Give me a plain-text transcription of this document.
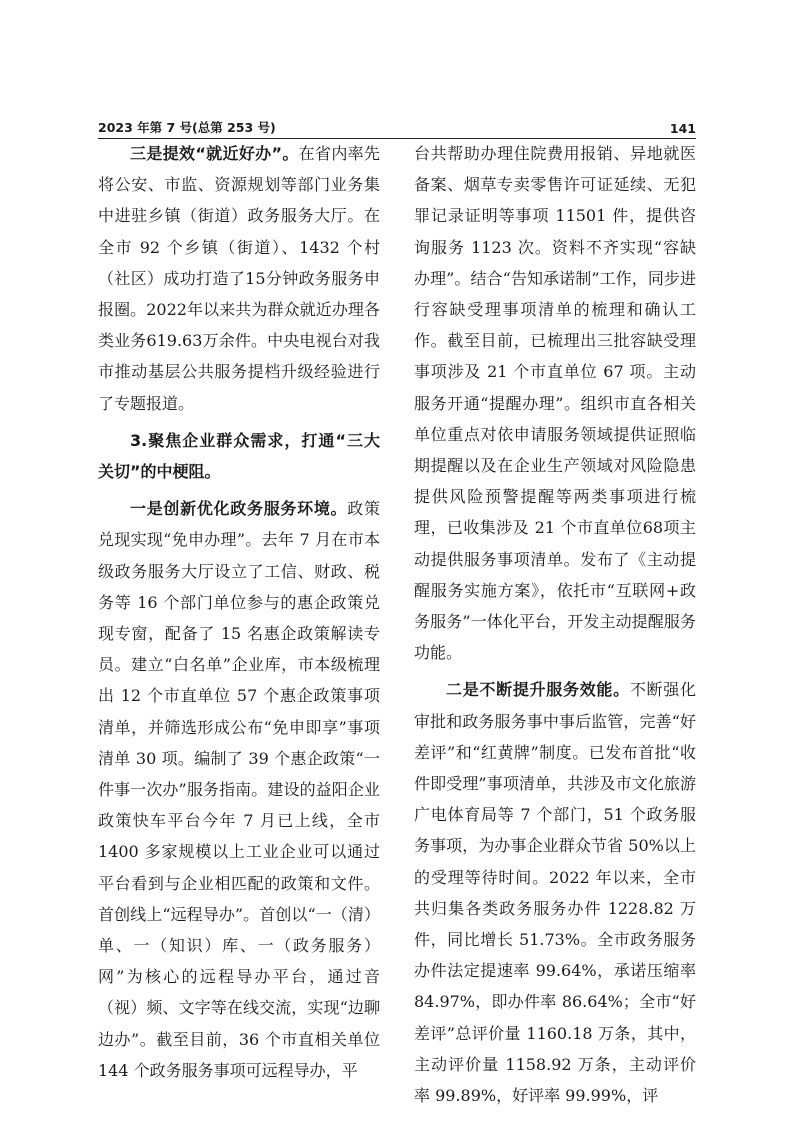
2023 年第 7 号(总第 253 号)	141

三是提效“就近好办”。在省内率先将公安、市监、资源规划等部门业务集中进驻乡镇（街道）政务服务大厅。在全市 92 个乡镇（街道）、1432 个村（社区）成功打造了15分钟政务服务申报圈。2022年以来共为群众就近办理各类业务619.63万余件。中央电视台对我市推动基层公共服务提档升级经验进行了专题报道。

3.聚焦企业群众需求，打通“三大关切”的中梗阻。

一是创新优化政务服务环境。政策兑现实现“免申办理”。去年 7 月在市本级政务服务大厅设立了工信、财政、税务等 16 个部门单位参与的惠企政策兑现专窗，配备了 15 名惠企政策解读专员。建立“白名单”企业库，市本级梳理出 12 个市直单位 57 个惠企政策事项清单，并筛选形成公布“免申即享”事项清单 30 项。编制了 39 个惠企政策“一件事一次办”服务指南。建设的益阳企业政策快车平台今年 7 月已上线，全市 1400 多家规模以上工业企业可以通过平台看到与企业相匹配的政策和文件。首创线上“远程导办”。首创以“一（清）单、一（知识）库、一（政务服务）网”为核心的远程导办平台，通过音（视）频、文字等在线交流，实现“边聊边办”。截至目前，36 个市直相关单位 144 个政务服务事项可远程导办，平

台共帮助办理住院费用报销、异地就医备案、烟草专卖零售许可证延续、无犯罪记录证明等事项 11501 件，提供咨询服务 1123 次。资料不齐实现“容缺办理”。结合“告知承诺制”工作，同步进行容缺受理事项清单的梳理和确认工作。截至目前，已梳理出三批容缺受理事项涉及 21 个市直单位 67 项。主动服务开通“提醒办理”。组织市直各相关单位重点对依申请服务领域提供证照临期提醒以及在企业生产领域对风险隐患提供风险预警提醒等两类事项进行梳理，已收集涉及 21 个市直单位68项主动提供服务事项清单。发布了《主动提醒服务实施方案》，依托市“互联网+政务服务”一体化平台，开发主动提醒服务功能。

二是不断提升服务效能。不断强化审批和政务服务事中事后监管，完善“好差评”和“红黄牌”制度。已发布首批“收件即受理”事项清单，共涉及市文化旅游广电体育局等 7 个部门，51 个政务服务事项，为办事企业群众节省 50%以上的受理等待时间。2022 年以来，全市共归集各类政务服务办件 1228.82 万件，同比增长 51.73%。全市政务服务办件法定提速率 99.64%，承诺压缩率 84.97%，即办件率 86.64%；全市“好差评”总评价量 1160.18 万条，其中，主动评价量 1158.92 万条，主动评价率 99.89%，好评率 99.99%，评
